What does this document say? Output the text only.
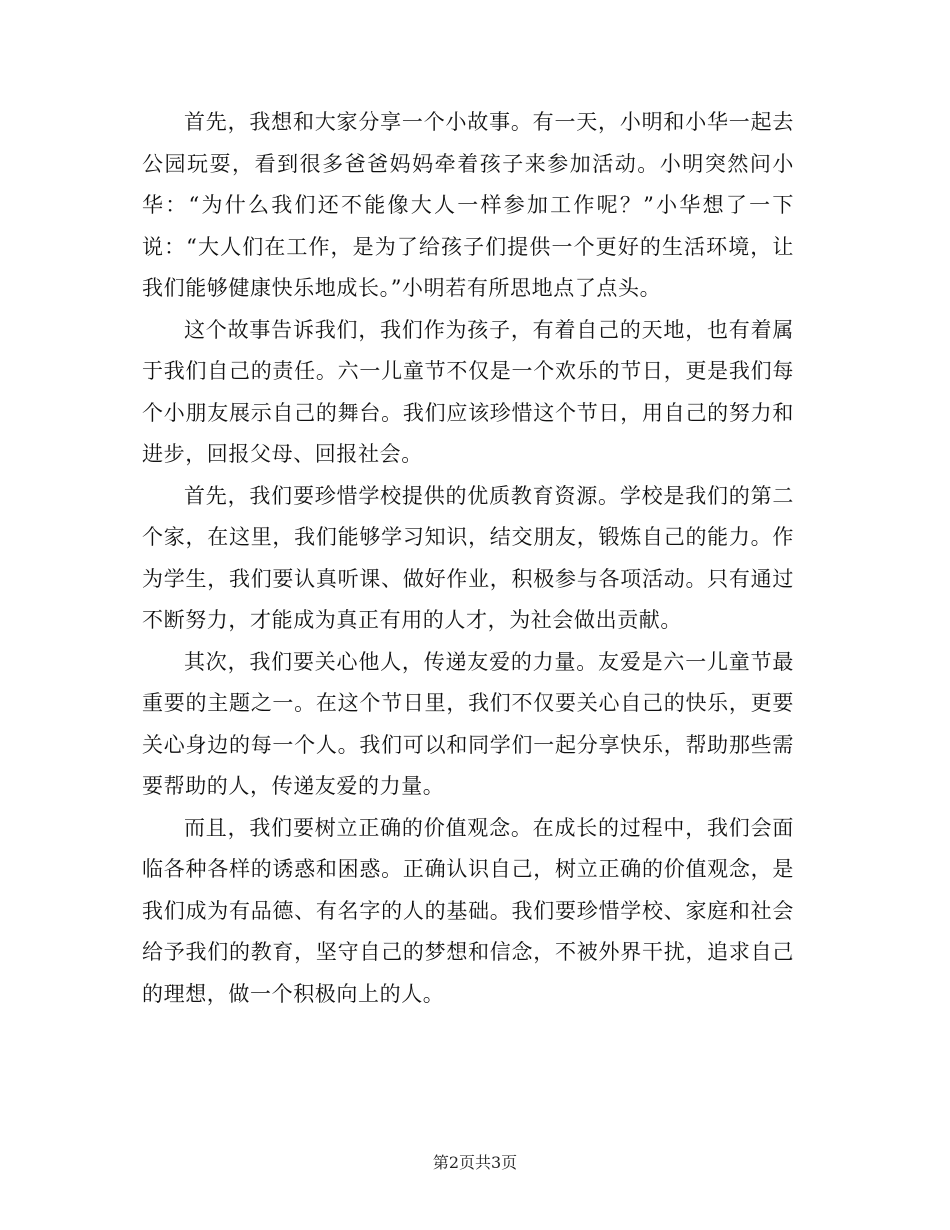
首先，我想和大家分享一个小故事。有一天，小明和小华一起去公园玩耍，看到很多爸爸妈妈牵着孩子来参加活动。小明突然问小华：“为什么我们还不能像大人一样参加工作呢？”小华想了一下说：“大人们在工作，是为了给孩子们提供一个更好的生活环境，让我们能够健康快乐地成长。”小明若有所思地点了点头。

这个故事告诉我们，我们作为孩子，有着自己的天地，也有着属于我们自己的责任。六一儿童节不仅是一个欢乐的节日，更是我们每个小朋友展示自己的舞台。我们应该珍惜这个节日，用自己的努力和进步，回报父母、回报社会。

首先，我们要珍惜学校提供的优质教育资源。学校是我们的第二个家，在这里，我们能够学习知识，结交朋友，锻炼自己的能力。作为学生，我们要认真听课、做好作业，积极参与各项活动。只有通过不断努力，才能成为真正有用的人才，为社会做出贡献。

其次，我们要关心他人，传递友爱的力量。友爱是六一儿童节最重要的主题之一。在这个节日里，我们不仅要关心自己的快乐，更要关心身边的每一个人。我们可以和同学们一起分享快乐，帮助那些需要帮助的人，传递友爱的力量。

而且，我们要树立正确的价值观念。在成长的过程中，我们会面临各种各样的诱惑和困惑。正确认识自己，树立正确的价值观念，是我们成为有品德、有名字的人的基础。我们要珍惜学校、家庭和社会给予我们的教育，坚守自己的梦想和信念，不被外界干扰，追求自己的理想，做一个积极向上的人。

第2页共3页
